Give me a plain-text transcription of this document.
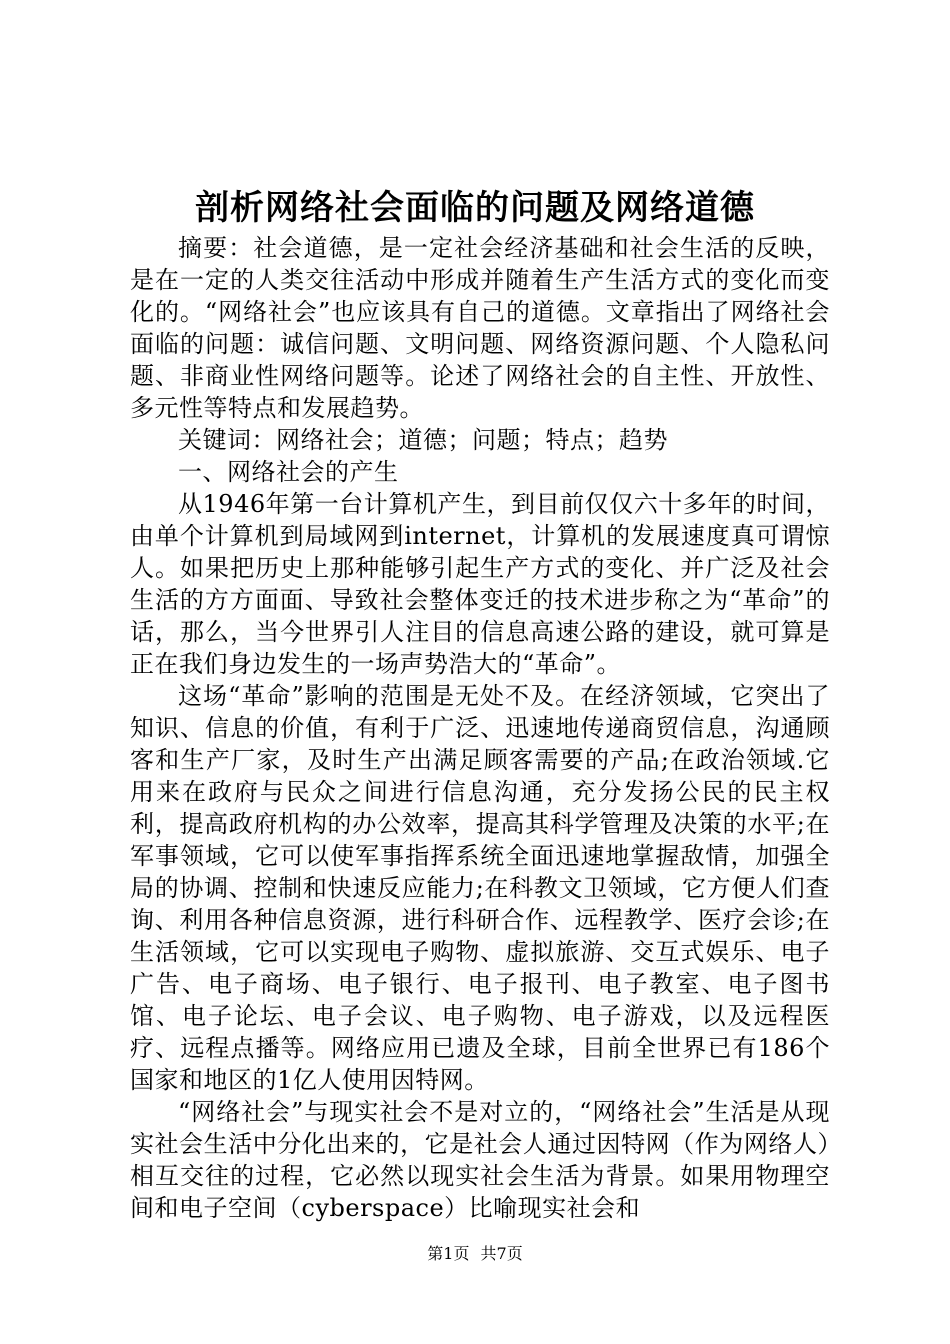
剖析网络社会面临的问题及网络道德

摘要：社会道德，是一定社会经济基础和社会生活的反映，是在一定的人类交往活动中形成并随着生产生活方式的变化而变化的。“网络社会”也应该具有自己的道德。文章指出了网络社会面临的问题：诚信问题、文明问题、网络资源问题、个人隐私问题、非商业性网络问题等。论述了网络社会的自主性、开放性、多元性等特点和发展趋势。

关键词：网络社会；道德；问题；特点；趋势

一、网络社会的产生

从1946年第一台计算机产生，到目前仅仅六十多年的时间，由单个计算机到局域网到internet，计算机的发展速度真可谓惊人。如果把历史上那种能够引起生产方式的变化、并广泛及社会生活的方方面面、导致社会整体变迁的技术进步称之为“革命”的话，那么，当今世界引人注目的信息高速公路的建设，就可算是正在我们身边发生的一场声势浩大的“革命”。

这场“革命”影响的范围是无处不及。在经济领域，它突出了知识、信息的价值，有利于广泛、迅速地传递商贸信息，沟通顾客和生产厂家，及时生产出满足顾客需要的产品;在政治领域.它用来在政府与民众之间进行信息沟通，充分发扬公民的民主权利，提高政府机构的办公效率，提高其科学管理及决策的水平;在军事领域，它可以使军事指挥系统全面迅速地掌握敌情，加强全局的协调、控制和快速反应能力;在科教文卫领域，它方便人们查询、利用各种信息资源，进行科研合作、远程教学、医疗会诊;在生活领域，它可以实现电子购物、虚拟旅游、交互式娱乐、电子广告、电子商场、电子银行、电子报刊、电子教室、电子图书馆、电子论坛、电子会议、电子购物、电子游戏，以及远程医疗、远程点播等。网络应用已遗及全球，目前全世界已有186个国家和地区的1亿人使用因特网。

“网络社会”与现实社会不是对立的，“网络社会”生活是从现实社会生活中分化出来的，它是社会人通过因特网（作为网络人）相互交往的过程，它必然以现实社会生活为背景。如果用物理空间和电子空间（cyberspace）比喻现实社会和

第1页 共7页
